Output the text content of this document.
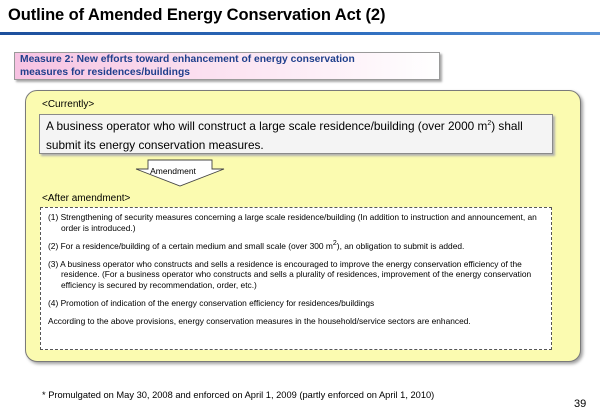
Outline of Amended Energy Conservation Act (2)
Measure 2: New efforts toward enhancement of energy conservation
measures for residences/buildings
<Currently>
A business operator who will construct a large scale residence/building (over 2000 $m^2$) shall submit its energy conservation measures.
Amendment
<After amendment>
(1) Strengthening of security measures concerning a large scale residence/building (In addition to instruction and announcement, an order is introduced.)
(2) For a residence/building of a certain medium and small scale (over 300 $m^2$), an obligation to submit is added.
(3) A business operator who constructs and sells a residence is encouraged to improve the energy conservation efficiency of the residence. (For a business operator who constructs and sells a plurality of residences, improvement of the energy conservation efficiency is secured by recommendation, order, etc.)
(4) Promotion of indication of the energy conservation efficiency for residences/buildings
According to the above provisions, energy conservation measures in the household/service sectors are enhanced.
* Promulgated on May 30, 2008 and enforced on April 1, 2009 (partly enforced on April 1, 2010)
39
